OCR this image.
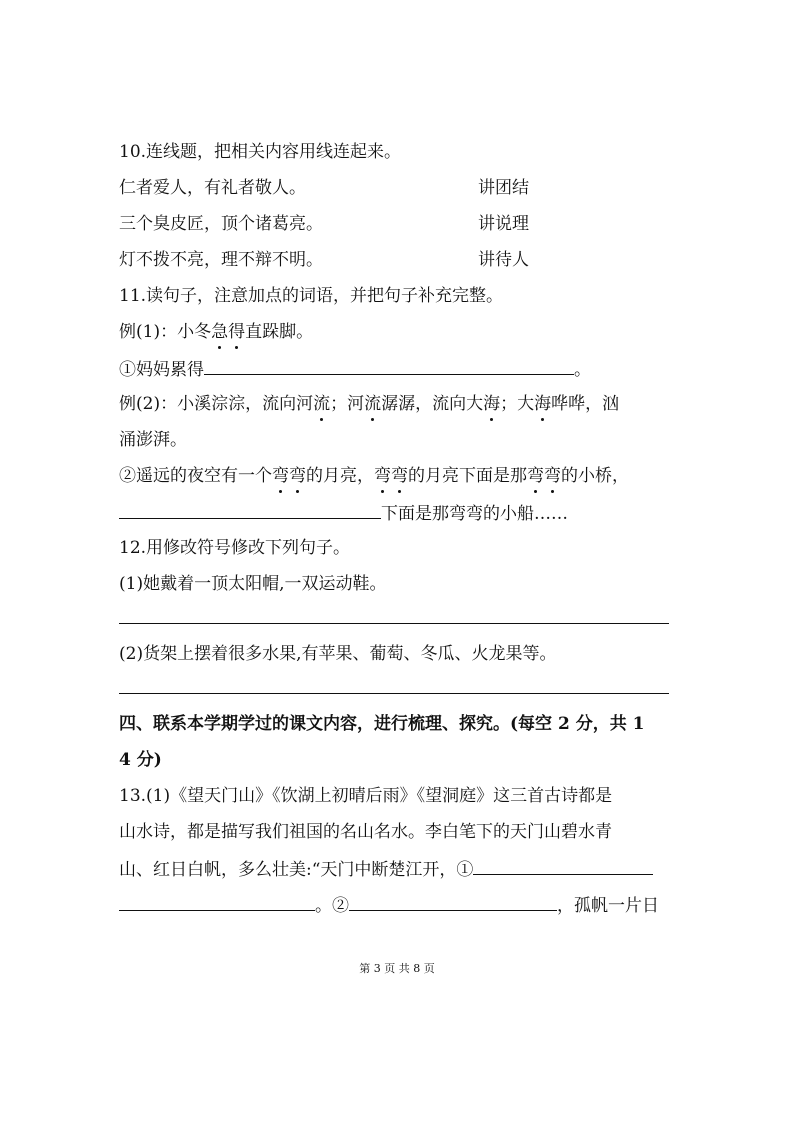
10.连线题，把相关内容用线连起来。
仁者爱人，有礼者敬人。	讲团结
三个臭皮匠，顶个诸葛亮。	讲说理
灯不拨不亮，理不辩不明。	讲待人
11.读句子，注意加点的词语，并把句子补充完整。
例(1)：小冬急得直跺脚。
①妈妈累得	。
例(2)：小溪淙淙，流向河流；河流潺潺，流向大海；大海哗哗，汹
涌澎湃。
②遥远的夜空有一个弯弯的月亮，弯弯的月亮下面是那弯弯的小桥，
下面是那弯弯的小船……
12.用修改符号修改下列句子。
(1)她戴着一顶太阳帽,一双运动鞋。
(2)货架上摆着很多水果,有苹果、葡萄、冬瓜、火龙果等。
四、联系本学期学过的课文内容，进行梳理、探究。(每空 2 分，共 1
4 分)
13.(1)《望天门山》《饮湖上初晴后雨》《望洞庭》这三首古诗都是
山水诗，都是描写我们祖国的名山名水。李白笔下的天门山碧水青
山、红日白帆，多么壮美:“天门中断楚江开，①
。②	，孤帆一片日
第 3 页 共 8 页
